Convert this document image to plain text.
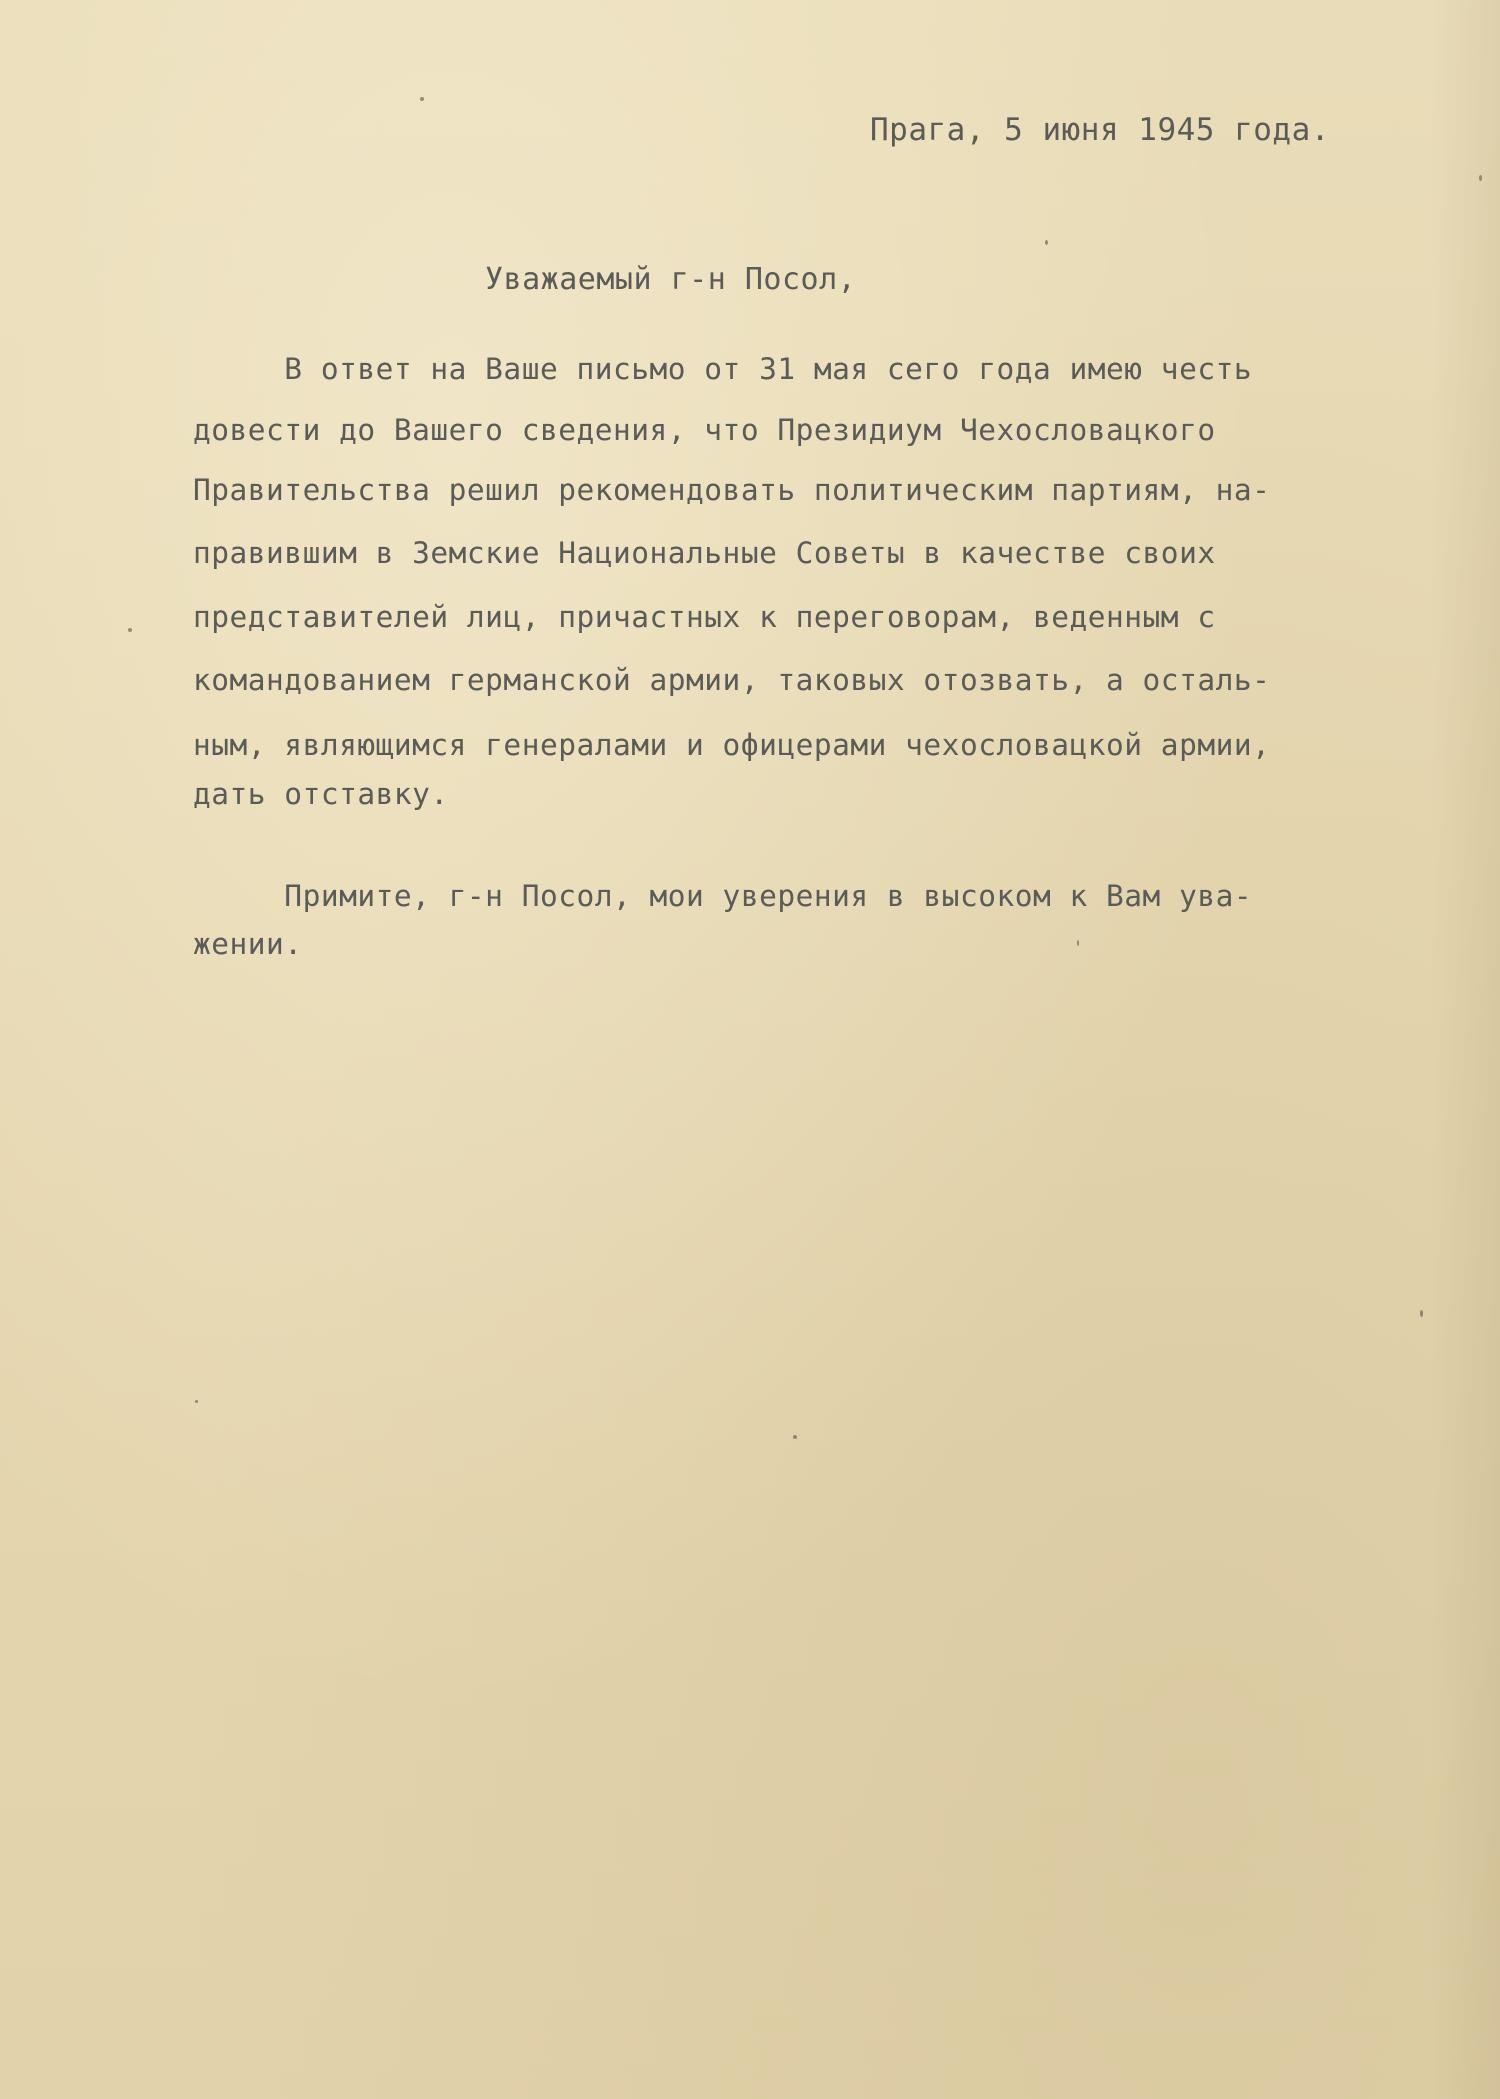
Прага, 5 июня 1945 года.

Уважаемый г-н Посол,

В ответ на Ваше письмо от 31 мая сего года имею честь

довести до Вашего сведения, что Президиум Чехословацкого

Правительства решил рекомендовать политическим партиям, на-

правившим в Земские Национальные Советы в качестве своих

представителей лиц, причастных к переговорам, веденным с

командованием германской армии, таковых отозвать, а осталь-

ным, являющимся генералами и офицерами чехословацкой армии,

дать отставку.

Примите, г-н Посол, мои уверения в высоком к Вам ува-

жении.
